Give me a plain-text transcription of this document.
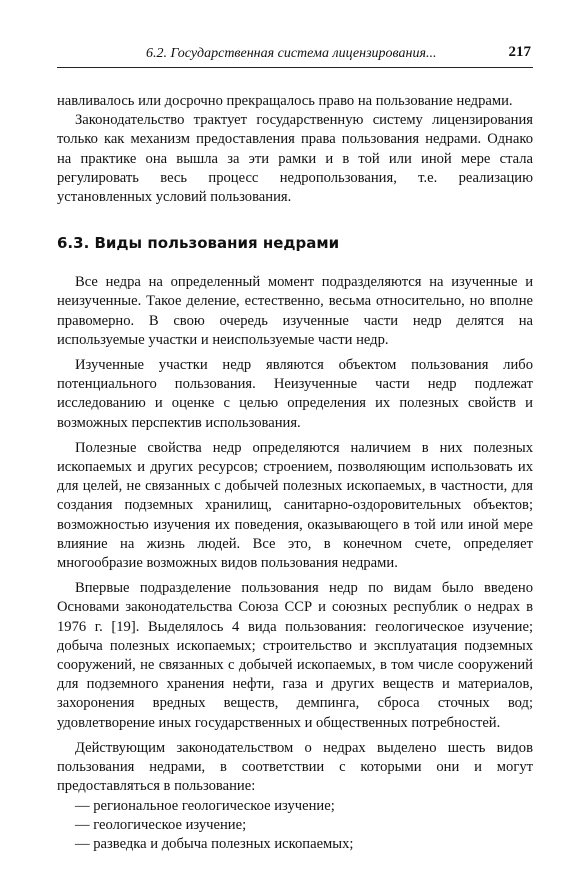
6.2. Государственная система лицензирования...	217

навливалось или досрочно прекращалось право на пользование недрами.

Законодательство трактует государственную систему лицензирования только как механизм предоставления права пользования недрами. Однако на практике она вышла за эти рамки и в той или иной мере стала регулировать весь процесс недропользования, т.е. реализацию установленных условий пользования.

6.3. Виды пользования недрами

Все недра на определенный момент подразделяются на изученные и неизученные. Такое деление, естественно, весьма относительно, но вполне правомерно. В свою очередь изученные части недр делятся на используемые участки и неиспользуемые части недр.

Изученные участки недр являются объектом пользования либо потенциального пользования. Неизученные части недр подлежат исследованию и оценке с целью определения их полезных свойств и возможных перспектив использования.

Полезные свойства недр определяются наличием в них полезных ископаемых и других ресурсов; строением, позволяющим использовать их для целей, не связанных с добычей полезных ископаемых, в частности, для создания подземных хранилищ, санитарно-оздоровительных объектов; возможностью изучения их поведения, оказывающего в той или иной мере влияние на жизнь людей. Все это, в конечном счете, определяет многообразие возможных видов пользования недрами.

Впервые подразделение пользования недр по видам было введено Основами законодательства Союза ССР и союзных республик о недрах в 1976 г. [19]. Выделялось 4 вида пользования: геологическое изучение; добыча полезных ископаемых; строительство и эксплуатация подземных сооружений, не связанных с добычей ископаемых, в том числе сооружений для подземного хранения нефти, газа и других веществ и материалов, захоронения вредных веществ, демпинга, сброса сточных вод; удовлетворение иных государственных и общественных потребностей.

Действующим законодательством о недрах выделено шесть видов пользования недрами, в соответствии с которыми они и могут предоставляться в пользование:

— региональное геологическое изучение;
— геологическое изучение;
— разведка и добыча полезных ископаемых;
